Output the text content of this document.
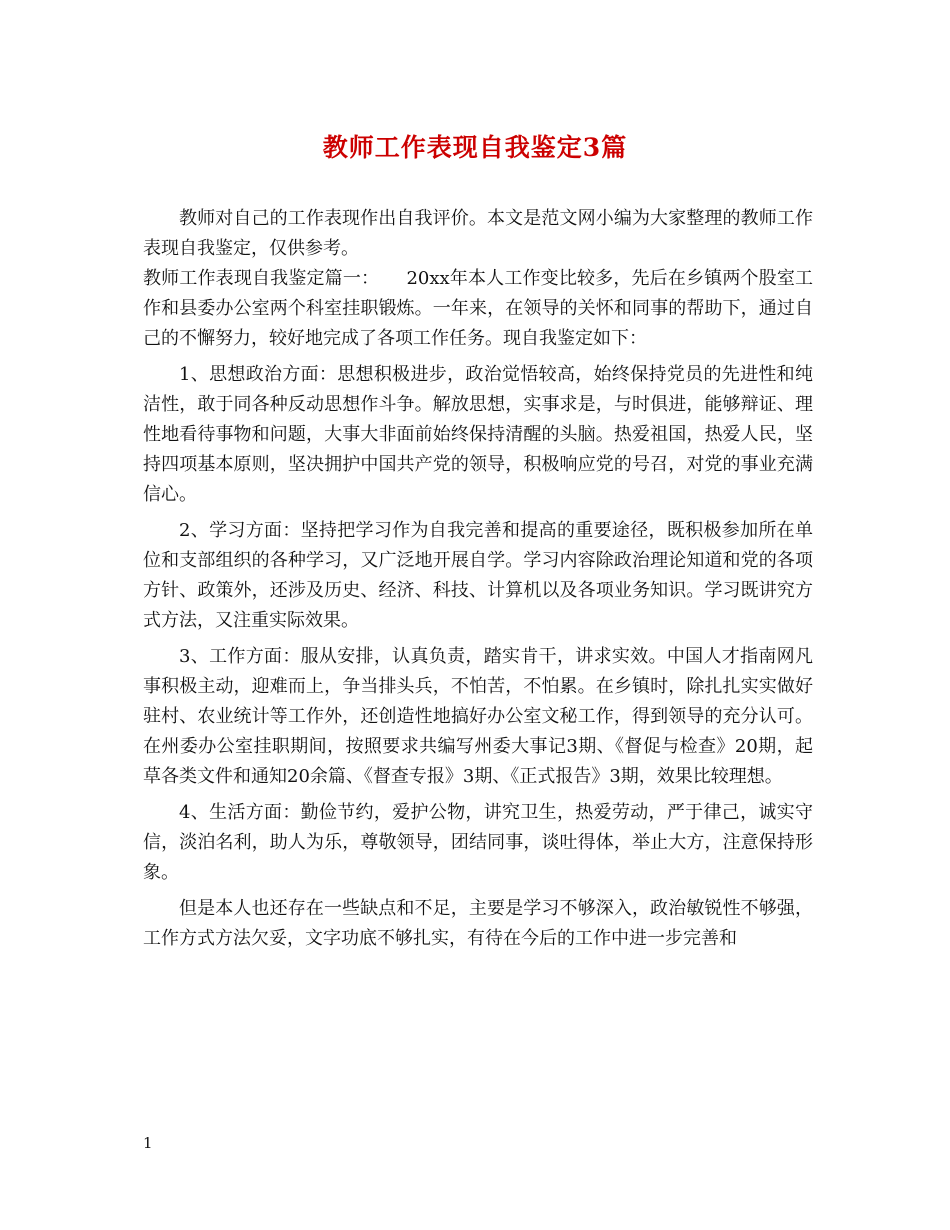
教师工作表现自我鉴定3篇

教师对自己的工作表现作出自我评价。本文是范文网小编为大家整理的教师工作表现自我鉴定，仅供参考。

教师工作表现自我鉴定篇一：　　20xx年本人工作变比较多，先后在乡镇两个股室工作和县委办公室两个科室挂职锻炼。一年来，在领导的关怀和同事的帮助下，通过自己的不懈努力，较好地完成了各项工作任务。现自我鉴定如下：

1、思想政治方面：思想积极进步，政治觉悟较高，始终保持党员的先进性和纯洁性，敢于同各种反动思想作斗争。解放思想，实事求是，与时俱进，能够辩证、理性地看待事物和问题，大事大非面前始终保持清醒的头脑。热爱祖国，热爱人民，坚持四项基本原则，坚决拥护中国共产党的领导，积极响应党的号召，对党的事业充满信心。

2、学习方面：坚持把学习作为自我完善和提高的重要途径，既积极参加所在单位和支部组织的各种学习，又广泛地开展自学。学习内容除政治理论知道和党的各项方针、政策外，还涉及历史、经济、科技、计算机以及各项业务知识。学习既讲究方式方法，又注重实际效果。

3、工作方面：服从安排，认真负责，踏实肯干，讲求实效。中国人才指南网凡事积极主动，迎难而上，争当排头兵，不怕苦，不怕累。在乡镇时，除扎扎实实做好驻村、农业统计等工作外，还创造性地搞好办公室文秘工作，得到领导的充分认可。在州委办公室挂职期间，按照要求共编写州委大事记3期、《督促与检查》20期，起草各类文件和通知20余篇、《督查专报》3期、《正式报告》3期，效果比较理想。

4、生活方面：勤俭节约，爱护公物，讲究卫生，热爱劳动，严于律己，诚实守信，淡泊名利，助人为乐，尊敬领导，团结同事，谈吐得体，举止大方，注意保持形象。

但是本人也还存在一些缺点和不足，主要是学习不够深入，政治敏锐性不够强，工作方式方法欠妥，文字功底不够扎实，有待在今后的工作中进一步完善和

1
